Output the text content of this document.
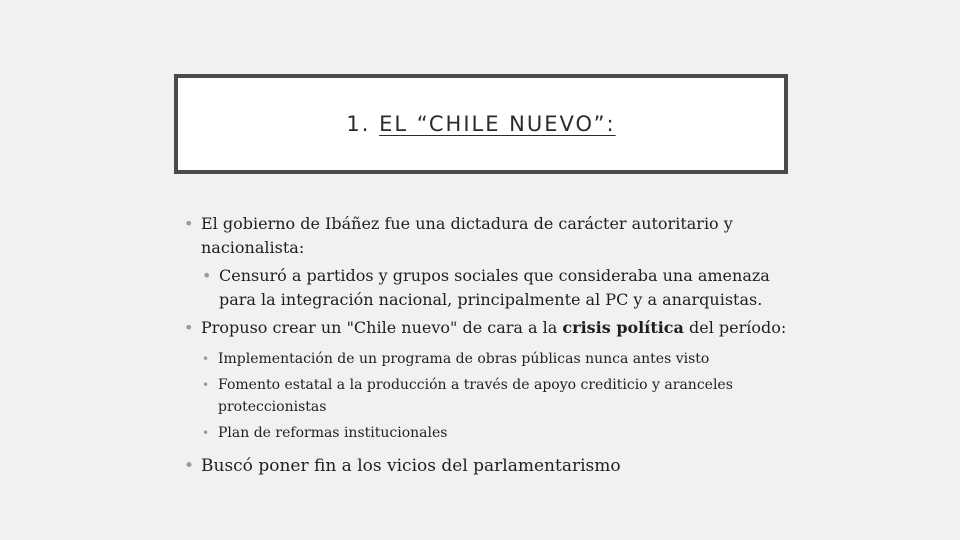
1. EL “CHILE NUEVO”:
• El gobierno de Ibáñez fue una dictadura de carácter autoritario y nacionalista:
• Censuró a partidos y grupos sociales que consideraba una amenaza para la integración nacional, principalmente al PC y a anarquistas.
• Propuso crear un "Chile nuevo" de cara a la crisis política del período:
• Implementación de un programa de obras públicas nunca antes visto
• Fomento estatal a la producción a través de apoyo crediticio y aranceles proteccionistas
• Plan de reformas institucionales
• Buscó poner fin a los vicios del parlamentarismo
